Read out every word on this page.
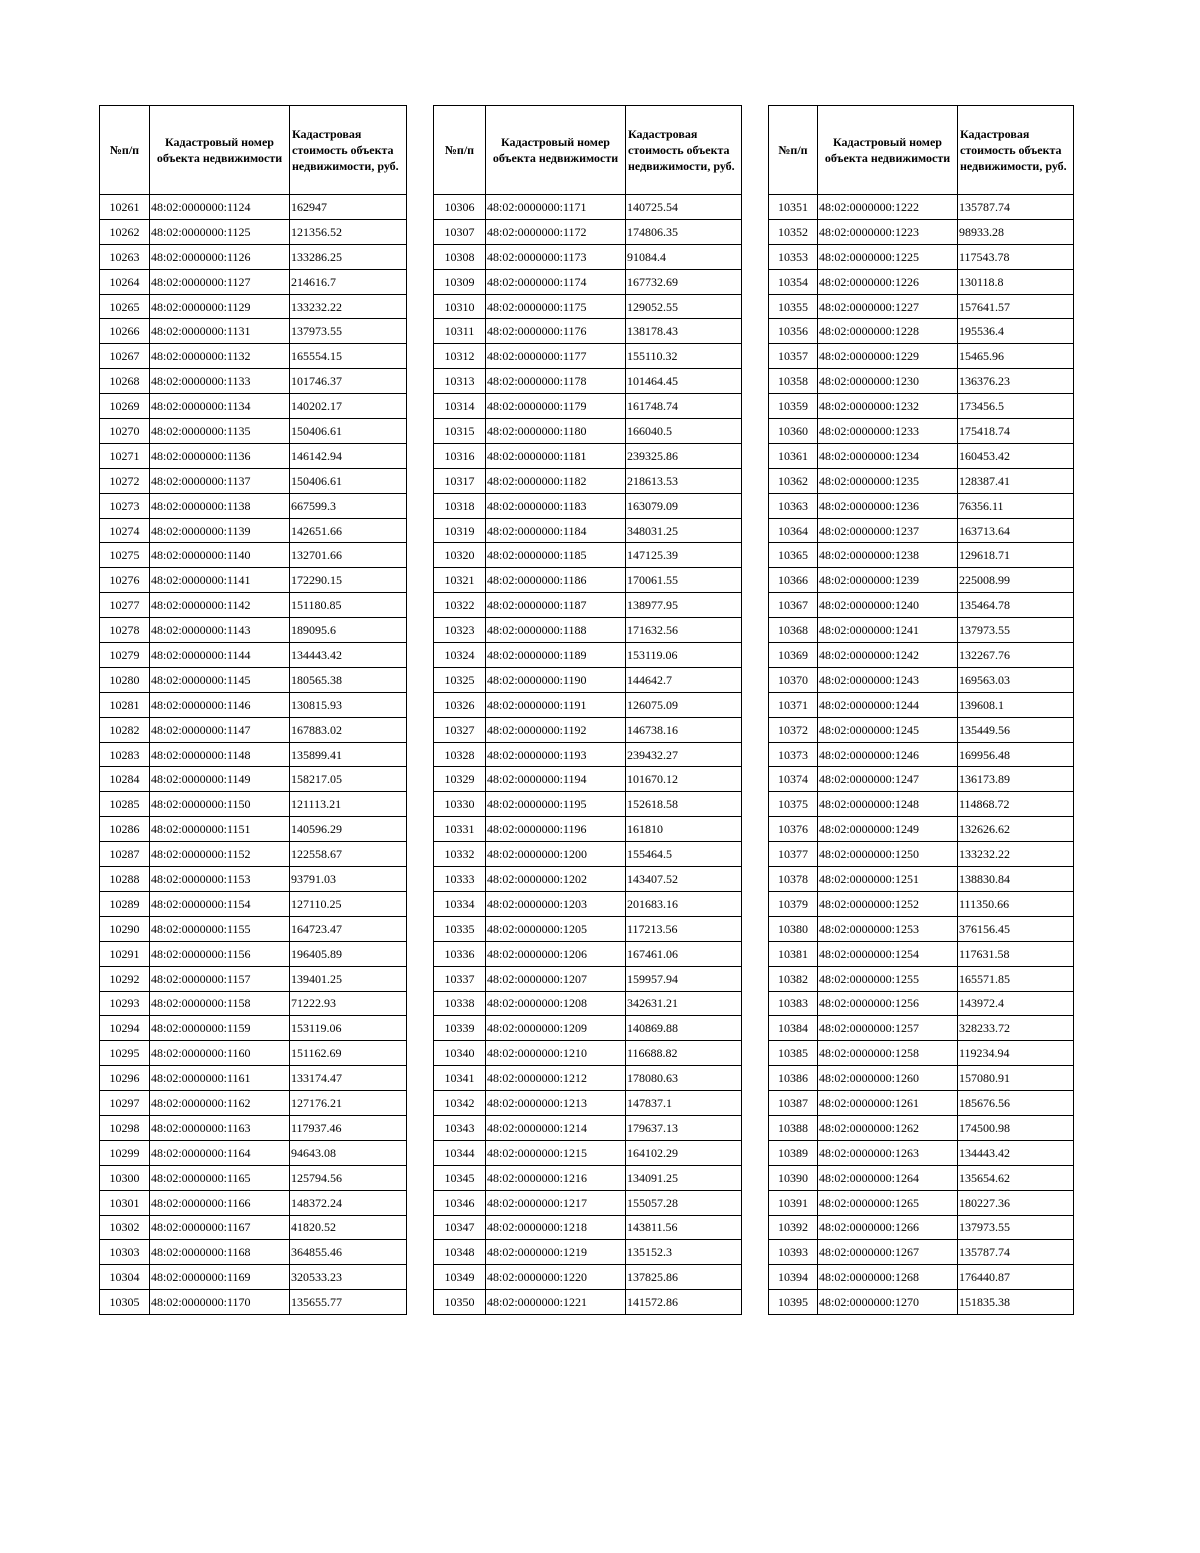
№п/п	Кадастровый номер объекта недвижимости	Кадастровая стоимость объекта недвижимости, руб.
10261	48:02:0000000:1124	162947
10262	48:02:0000000:1125	121356.52
10263	48:02:0000000:1126	133286.25
10264	48:02:0000000:1127	214616.7
10265	48:02:0000000:1129	133232.22
10266	48:02:0000000:1131	137973.55
10267	48:02:0000000:1132	165554.15
10268	48:02:0000000:1133	101746.37
10269	48:02:0000000:1134	140202.17
10270	48:02:0000000:1135	150406.61
10271	48:02:0000000:1136	146142.94
10272	48:02:0000000:1137	150406.61
10273	48:02:0000000:1138	667599.3
10274	48:02:0000000:1139	142651.66
10275	48:02:0000000:1140	132701.66
10276	48:02:0000000:1141	172290.15
10277	48:02:0000000:1142	151180.85
10278	48:02:0000000:1143	189095.6
10279	48:02:0000000:1144	134443.42
10280	48:02:0000000:1145	180565.38
10281	48:02:0000000:1146	130815.93
10282	48:02:0000000:1147	167883.02
10283	48:02:0000000:1148	135899.41
10284	48:02:0000000:1149	158217.05
10285	48:02:0000000:1150	121113.21
10286	48:02:0000000:1151	140596.29
10287	48:02:0000000:1152	122558.67
10288	48:02:0000000:1153	93791.03
10289	48:02:0000000:1154	127110.25
10290	48:02:0000000:1155	164723.47
10291	48:02:0000000:1156	196405.89
10292	48:02:0000000:1157	139401.25
10293	48:02:0000000:1158	71222.93
10294	48:02:0000000:1159	153119.06
10295	48:02:0000000:1160	151162.69
10296	48:02:0000000:1161	133174.47
10297	48:02:0000000:1162	127176.21
10298	48:02:0000000:1163	117937.46
10299	48:02:0000000:1164	94643.08
10300	48:02:0000000:1165	125794.56
10301	48:02:0000000:1166	148372.24
10302	48:02:0000000:1167	41820.52
10303	48:02:0000000:1168	364855.46
10304	48:02:0000000:1169	320533.23
10305	48:02:0000000:1170	135655.77
№п/п	Кадастровый номер объекта недвижимости	Кадастровая стоимость объекта недвижимости, руб.
10306	48:02:0000000:1171	140725.54
10307	48:02:0000000:1172	174806.35
10308	48:02:0000000:1173	91084.4
10309	48:02:0000000:1174	167732.69
10310	48:02:0000000:1175	129052.55
10311	48:02:0000000:1176	138178.43
10312	48:02:0000000:1177	155110.32
10313	48:02:0000000:1178	101464.45
10314	48:02:0000000:1179	161748.74
10315	48:02:0000000:1180	166040.5
10316	48:02:0000000:1181	239325.86
10317	48:02:0000000:1182	218613.53
10318	48:02:0000000:1183	163079.09
10319	48:02:0000000:1184	348031.25
10320	48:02:0000000:1185	147125.39
10321	48:02:0000000:1186	170061.55
10322	48:02:0000000:1187	138977.95
10323	48:02:0000000:1188	171632.56
10324	48:02:0000000:1189	153119.06
10325	48:02:0000000:1190	144642.7
10326	48:02:0000000:1191	126075.09
10327	48:02:0000000:1192	146738.16
10328	48:02:0000000:1193	239432.27
10329	48:02:0000000:1194	101670.12
10330	48:02:0000000:1195	152618.58
10331	48:02:0000000:1196	161810
10332	48:02:0000000:1200	155464.5
10333	48:02:0000000:1202	143407.52
10334	48:02:0000000:1203	201683.16
10335	48:02:0000000:1205	117213.56
10336	48:02:0000000:1206	167461.06
10337	48:02:0000000:1207	159957.94
10338	48:02:0000000:1208	342631.21
10339	48:02:0000000:1209	140869.88
10340	48:02:0000000:1210	116688.82
10341	48:02:0000000:1212	178080.63
10342	48:02:0000000:1213	147837.1
10343	48:02:0000000:1214	179637.13
10344	48:02:0000000:1215	164102.29
10345	48:02:0000000:1216	134091.25
10346	48:02:0000000:1217	155057.28
10347	48:02:0000000:1218	143811.56
10348	48:02:0000000:1219	135152.3
10349	48:02:0000000:1220	137825.86
10350	48:02:0000000:1221	141572.86
№п/п	Кадастровый номер объекта недвижимости	Кадастровая стоимость объекта недвижимости, руб.
10351	48:02:0000000:1222	135787.74
10352	48:02:0000000:1223	98933.28
10353	48:02:0000000:1225	117543.78
10354	48:02:0000000:1226	130118.8
10355	48:02:0000000:1227	157641.57
10356	48:02:0000000:1228	195536.4
10357	48:02:0000000:1229	15465.96
10358	48:02:0000000:1230	136376.23
10359	48:02:0000000:1232	173456.5
10360	48:02:0000000:1233	175418.74
10361	48:02:0000000:1234	160453.42
10362	48:02:0000000:1235	128387.41
10363	48:02:0000000:1236	76356.11
10364	48:02:0000000:1237	163713.64
10365	48:02:0000000:1238	129618.71
10366	48:02:0000000:1239	225008.99
10367	48:02:0000000:1240	135464.78
10368	48:02:0000000:1241	137973.55
10369	48:02:0000000:1242	132267.76
10370	48:02:0000000:1243	169563.03
10371	48:02:0000000:1244	139608.1
10372	48:02:0000000:1245	135449.56
10373	48:02:0000000:1246	169956.48
10374	48:02:0000000:1247	136173.89
10375	48:02:0000000:1248	114868.72
10376	48:02:0000000:1249	132626.62
10377	48:02:0000000:1250	133232.22
10378	48:02:0000000:1251	138830.84
10379	48:02:0000000:1252	111350.66
10380	48:02:0000000:1253	376156.45
10381	48:02:0000000:1254	117631.58
10382	48:02:0000000:1255	165571.85
10383	48:02:0000000:1256	143972.4
10384	48:02:0000000:1257	328233.72
10385	48:02:0000000:1258	119234.94
10386	48:02:0000000:1260	157080.91
10387	48:02:0000000:1261	185676.56
10388	48:02:0000000:1262	174500.98
10389	48:02:0000000:1263	134443.42
10390	48:02:0000000:1264	135654.62
10391	48:02:0000000:1265	180227.36
10392	48:02:0000000:1266	137973.55
10393	48:02:0000000:1267	135787.74
10394	48:02:0000000:1268	176440.87
10395	48:02:0000000:1270	151835.38
